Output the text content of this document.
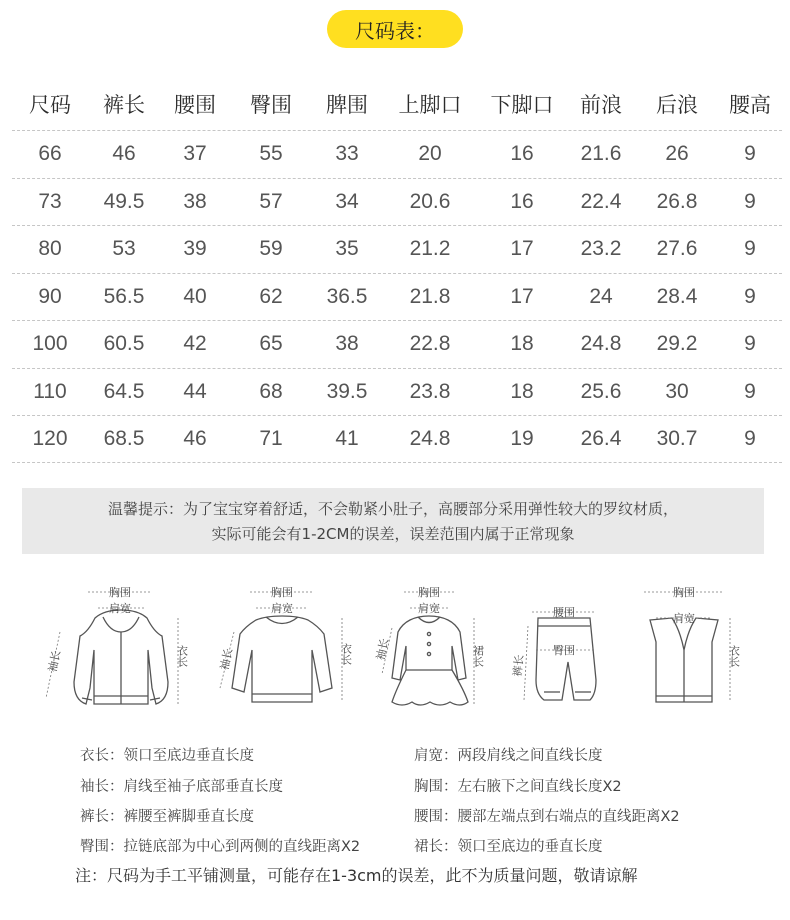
尺码表：
尺码	裤长	腰围	臀围	脾围	上脚口	下脚口	前浪	后浪	腰高
66	46	37	55	33	20	16	21.6	26	9
73	49.5	38	57	34	20.6	16	22.4	26.8	9
80	53	39	59	35	21.2	17	23.2	27.6	9
90	56.5	40	62	36.5	21.8	17	24	28.4	9
100	60.5	42	65	38	22.8	18	24.8	29.2	9
110	64.5	44	68	39.5	23.8	18	25.6	30	9
120	68.5	46	71	41	24.8	19	26.4	30.7	9
温馨提示：为了宝宝穿着舒适，不会勒紧小肚子，高腰部分采用弹性较大的罗纹材质，
实际可能会有1-2CM的误差，误差范围内属于正常现象
胸围
肩宽
袖长	衣长
胸围
肩宽
袖长	衣长
胸围
肩宽
袖长	裙长
腰围
臀围
裤长
胸围
肩宽
衣长
衣长：领口至底边垂直长度
袖长：肩线至袖子底部垂直长度
裤长：裤腰至裤脚垂直长度
臀围：拉链底部为中心到两侧的直线距离X2
肩宽：两段肩线之间直线长度
胸围：左右腋下之间直线长度X2
腰围：腰部左端点到右端点的直线距离X2
裙长：领口至底边的垂直长度
注：尺码为手工平铺测量，可能存在1-3cm的误差，此不为质量问题，敬请谅解
